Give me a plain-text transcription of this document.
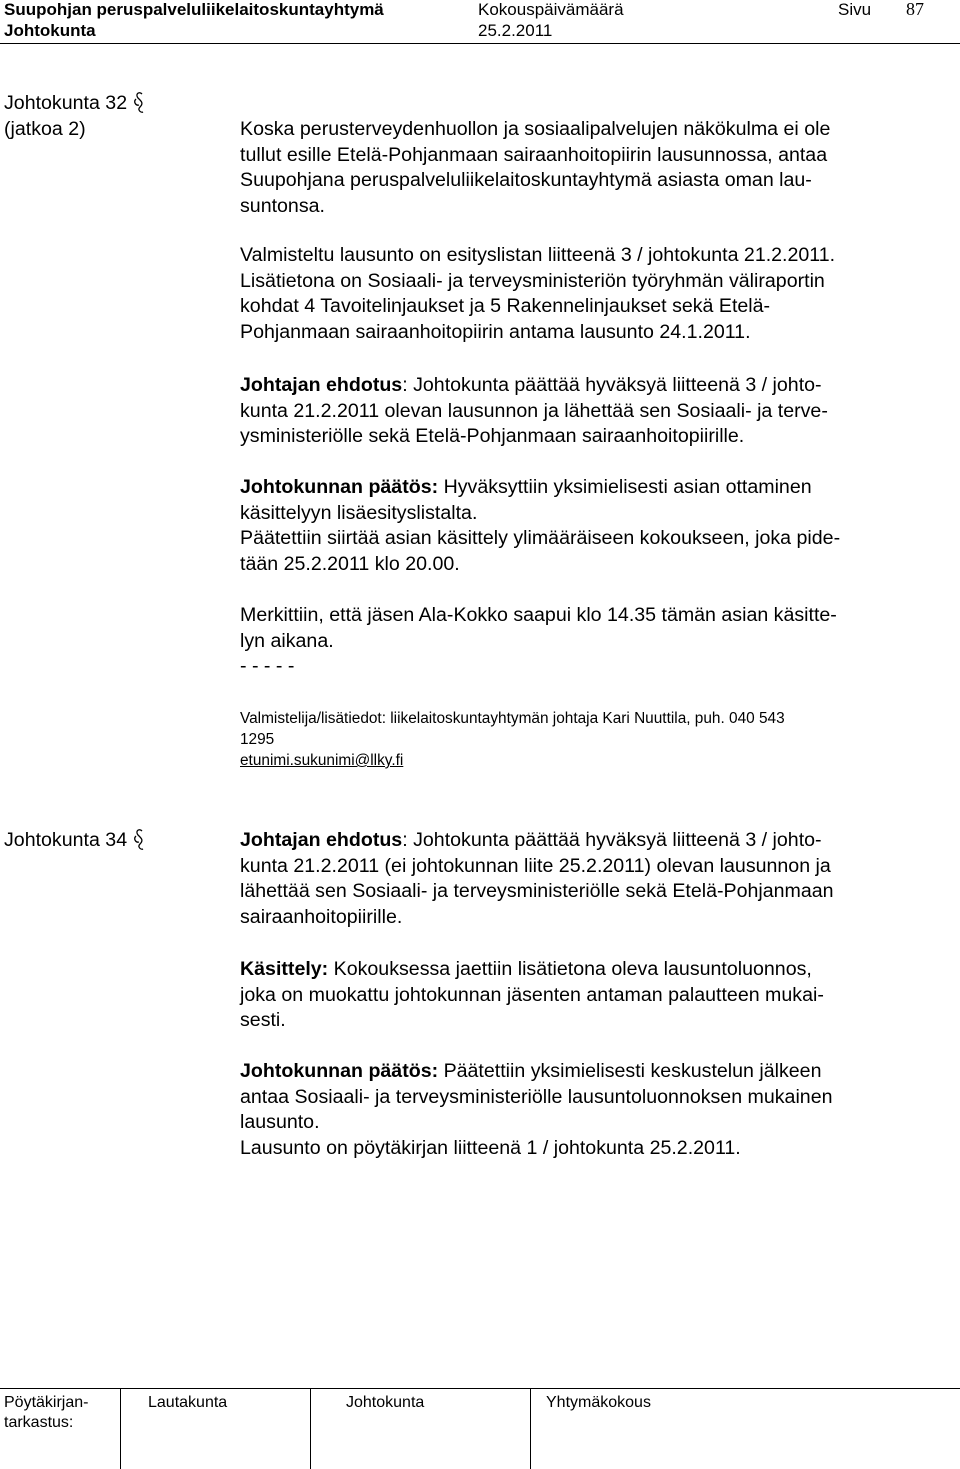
Suupohjan peruspalveluliikelaitoskuntayhtymä
Johtokunta
Kokouspäivämäärä
25.2.2011
Sivu 87
Johtokunta 32
(jatkoa 2)	Koska perusterveydenhuollon ja sosiaalipalvelujen näkökulma ei ole

tullut esille Etelä-Pohjanmaan sairaanhoitopiirin lausunnossa, antaa

Suupohjana peruspalveluliikelaitoskuntayhtymä asiasta oman lau-

suntonsa.

Valmisteltu lausunto on esityslistan liitteenä 3 / johtokunta 21.2.2011.

Lisätietona on Sosiaali- ja terveysministeriön työryhmän väliraportin

kohdat 4 Tavoitelinjaukset ja 5 Rakennelinjaukset sekä Etelä-

Pohjanmaan sairaanhoitopiirin antama lausunto 24.1.2011.

Johtajan ehdotus: Johtokunta päättää hyväksyä liitteenä 3 / johto-

kunta 21.2.2011 olevan lausunnon ja lähettää sen Sosiaali- ja terve-

ysministeriölle sekä Etelä-Pohjanmaan sairaanhoitopiirille.

Johtokunnan päätös: Hyväksyttiin yksimielisesti asian ottaminen

käsittelyyn lisäesityslistalta.

Päätettiin siirtää asian käsittely ylimääräiseen kokoukseen, joka pide-

tään 25.2.2011 klo 20.00.

Merkittiin, että jäsen Ala-Kokko saapui klo 14.35 tämän asian käsitte-

lyn aikana.

- - - - -

Valmistelija/lisätiedot: liikelaitoskuntayhtymän johtaja Kari Nuuttila, puh. 040 543

1295

etunimi.sukunimi@llky.fi

Johtokunta 34	Johtajan ehdotus: Johtokunta päättää hyväksyä liitteenä 3 / johto-

kunta 21.2.2011 (ei johtokunnan liite 25.2.2011) olevan lausunnon ja

lähettää sen Sosiaali- ja terveysministeriölle sekä Etelä-Pohjanmaan

sairaanhoitopiirille.

Käsittely: Kokouksessa jaettiin lisätietona oleva lausuntoluonnos,

joka on muokattu johtokunnan jäsenten antaman palautteen mukai-

sesti.

Johtokunnan päätös: Päätettiin yksimielisesti keskustelun jälkeen

antaa Sosiaali- ja terveysministeriölle lausuntoluonnoksen mukainen

lausunto.

Lausunto on pöytäkirjan liitteenä 1 / johtokunta 25.2.2011.

Pöytäkirjan-
tarkastus:
Lautakunta	Johtokunta	Yhtymäkokous
